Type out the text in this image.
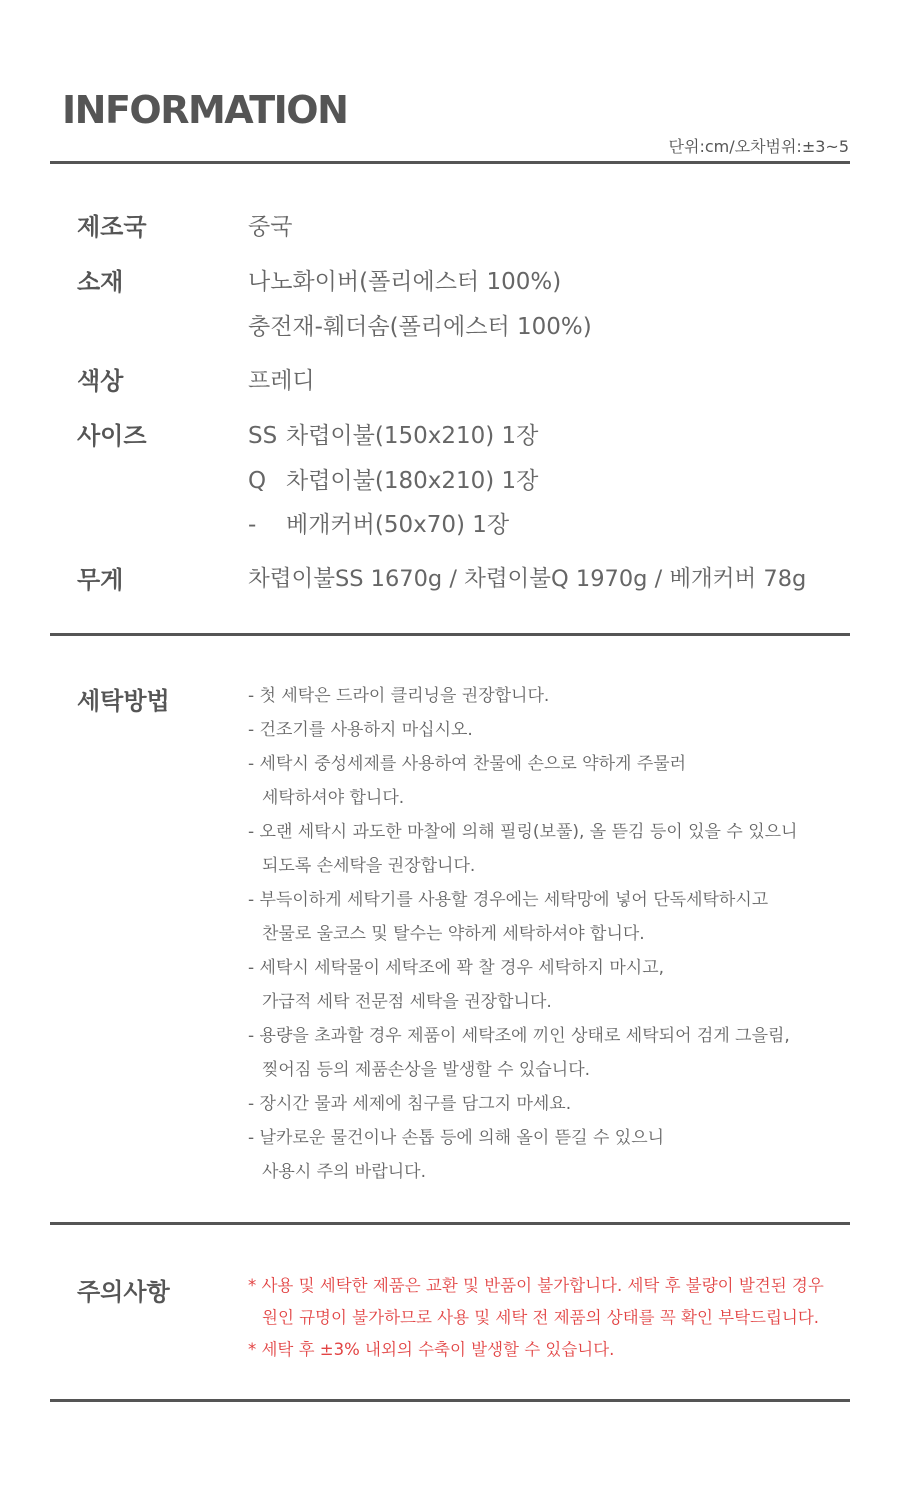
INFORMATION
단위:cm/오차범위:±3~5
제조국	중국
소재	나노화이버(폴리에스터 100%)
충전재-훼더솜(폴리에스터 100%)
색상	프레디
사이즈	SS 차렵이불(150x210) 1장
Q 차렵이불(180x210) 1장
- 베개커버(50x70) 1장
무게	차렵이불SS 1670g / 차렵이불Q 1970g / 베개커버 78g
세탁방법	- 첫 세탁은 드라이 클리닝을 권장합니다.
- 건조기를 사용하지 마십시오.
- 세탁시 중성세제를 사용하여 찬물에 손으로 약하게 주물러
세탁하셔야 합니다.
- 오랜 세탁시 과도한 마찰에 의해 필링(보풀), 올 뜯김 등이 있을 수 있으니
되도록 손세탁을 권장합니다.
- 부득이하게 세탁기를 사용할 경우에는 세탁망에 넣어 단독세탁하시고
찬물로 울코스 및 탈수는 약하게 세탁하셔야 합니다.
- 세탁시 세탁물이 세탁조에 꽉 찰 경우 세탁하지 마시고,
가급적 세탁 전문점 세탁을 권장합니다.
- 용량을 초과할 경우 제품이 세탁조에 끼인 상태로 세탁되어 검게 그을림,
찢어짐 등의 제품손상을 발생할 수 있습니다.
- 장시간 물과 세제에 침구를 담그지 마세요.
- 날카로운 물건이나 손톱 등에 의해 올이 뜯길 수 있으니
사용시 주의 바랍니다.
주의사항	* 사용 및 세탁한 제품은 교환 및 반품이 불가합니다. 세탁 후 불량이 발견된 경우
원인 규명이 불가하므로 사용 및 세탁 전 제품의 상태를 꼭 확인 부탁드립니다.
* 세탁 후 ±3% 내외의 수축이 발생할 수 있습니다.
